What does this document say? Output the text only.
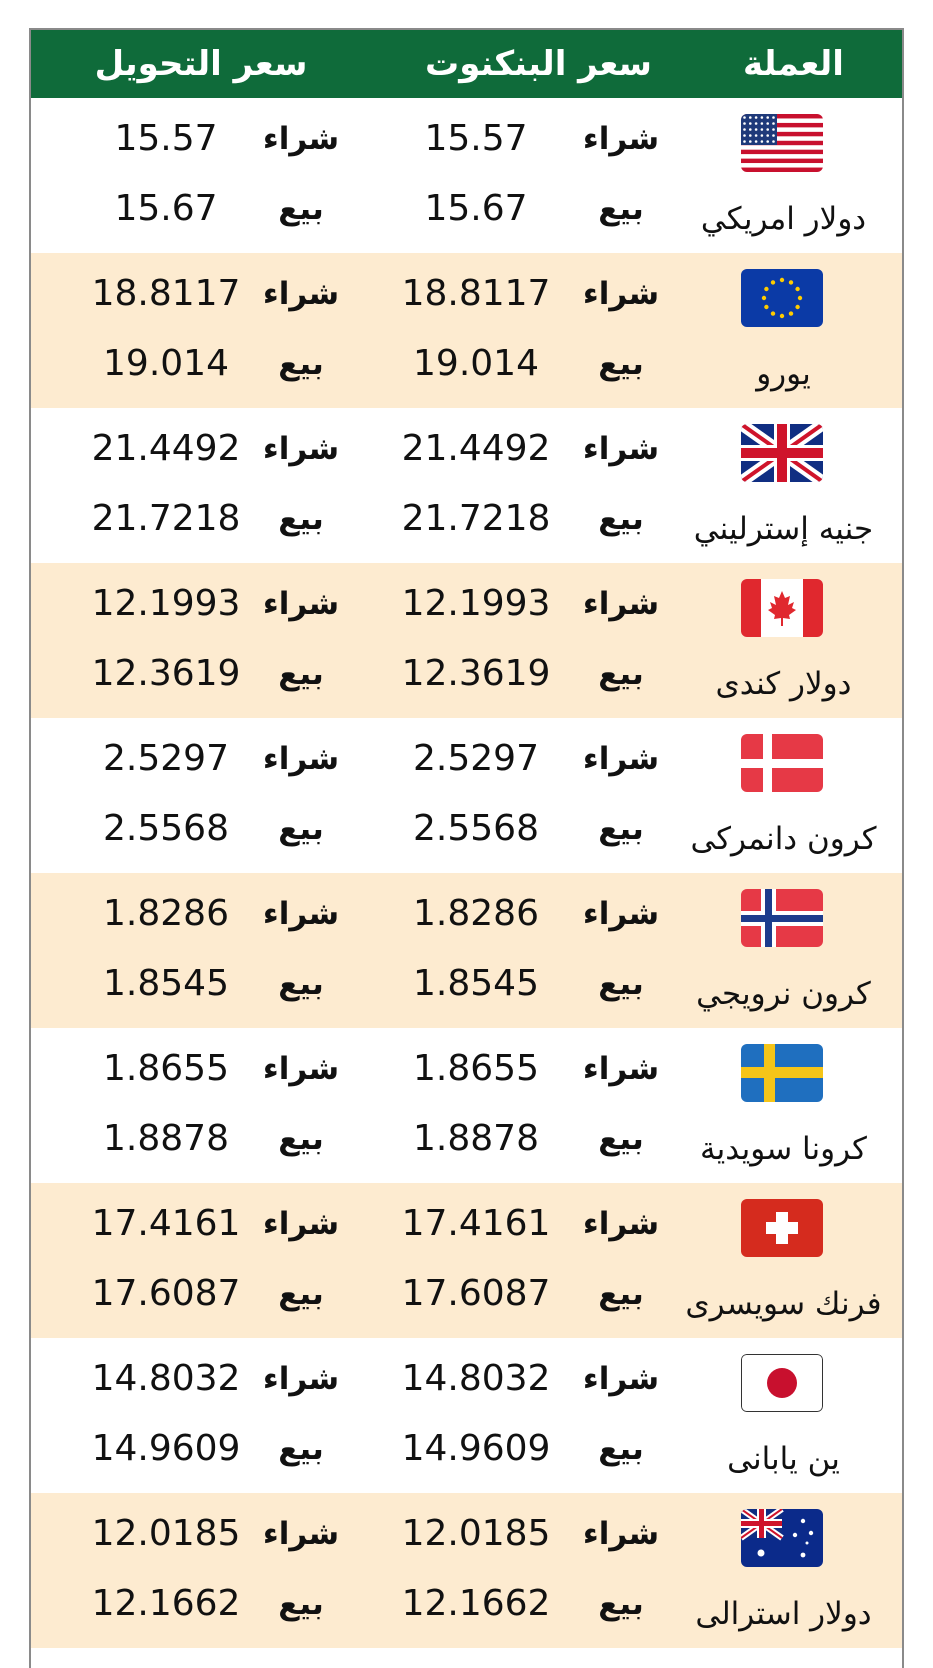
العملة
سعر البنكنوت
سعر التحويل
دولار امريكي
شراء
15.57
بيع
15.67
شراء
15.57
بيع
15.67
يورو
شراء
18.8117
بيع
19.014
شراء
18.8117
بيع
19.014
جنيه إسترليني
شراء
21.4492
بيع
21.7218
شراء
21.4492
بيع
21.7218
دولار كندى
شراء
12.1993
بيع
12.3619
شراء
12.1993
بيع
12.3619
كرون دانمركى
شراء
2.5297
بيع
2.5568
شراء
2.5297
بيع
2.5568
كرون نرويجي
شراء
1.8286
بيع
1.8545
شراء
1.8286
بيع
1.8545
كرونا سويدية
شراء
1.8655
بيع
1.8878
شراء
1.8655
بيع
1.8878
فرنك سويسرى
شراء
17.4161
بيع
17.6087
شراء
17.4161
بيع
17.6087
ين يابانى
شراء
14.8032
بيع
14.9609
شراء
14.8032
بيع
14.9609
دولار استرالى
شراء
12.0185
بيع
12.1662
شراء
12.0185
بيع
12.1662
